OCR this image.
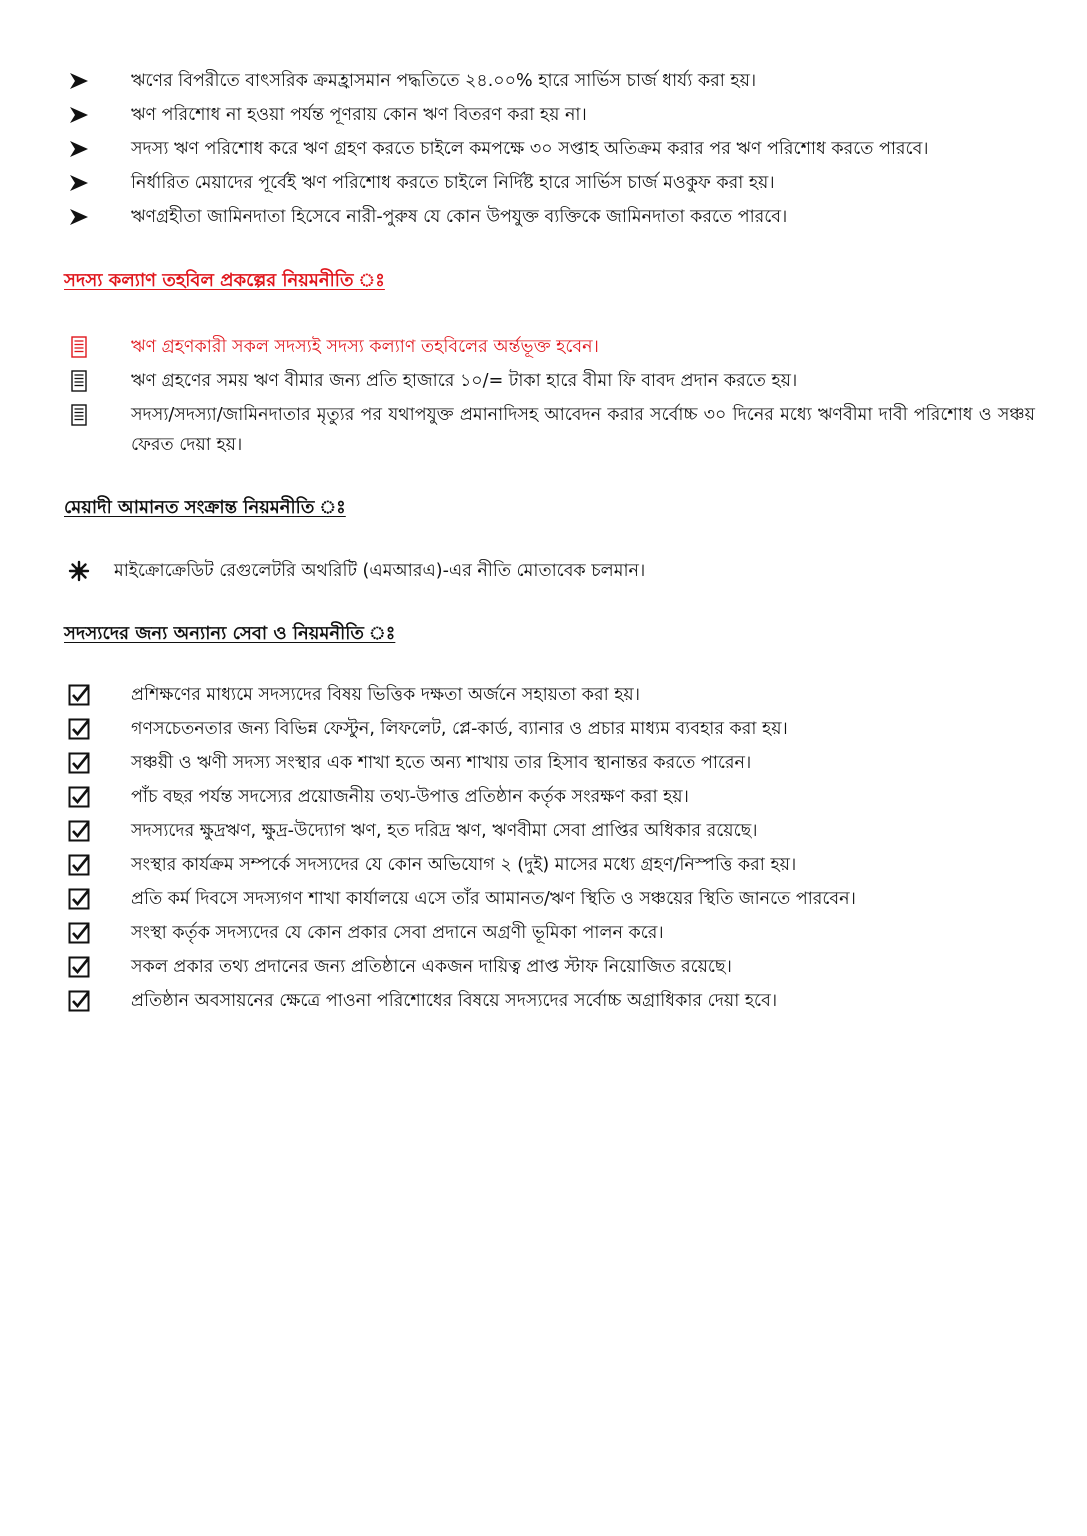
ঋণের বিপরীতে বাৎসরিক ক্রমহ্রাসমান পদ্ধতিতে ২৪.০০% হারে সার্ভিস চার্জ ধার্য্য করা হয়।
ঋণ পরিশোধ না হওয়া পর্যন্ত পূণরায় কোন ঋণ বিতরণ করা হয় না।
সদস্য ঋণ পরিশোধ করে ঋণ গ্রহণ করতে চাইলে কমপক্ষে ৩০ সপ্তাহ অতিক্রম করার পর ঋণ পরিশোধ করতে পারবে।
নির্ধারিত মেয়াদের পূর্বেই ঋণ পরিশোধ করতে চাইলে নির্দিষ্ট হারে সার্ভিস চার্জ মওকুফ করা হয়।
ঋণগ্রহীতা জামিনদাতা হিসেবে নারী-পুরুষ যে কোন উপযুক্ত ব্যক্তিকে জামিনদাতা করতে পারবে।
সদস্য কল্যাণ তহবিল প্রকল্পের নিয়মনীতি ঃ
ঋণ গ্রহণকারী সকল সদস্যই সদস্য কল্যাণ তহবিলের অর্ন্তভূক্ত হবেন।
ঋণ গ্রহণের সময় ঋণ বীমার জন্য প্রতি হাজারে ১০/= টাকা হারে বীমা ফি বাবদ প্রদান করতে হয়।
সদস্য/সদস্যা/জামিনদাতার মৃত্যুর পর যথাপযুক্ত প্রমানাদিসহ আবেদন করার সর্বোচ্চ ৩০ দিনের মধ্যে ঋণবীমা দাবী পরিশোধ ও সঞ্চয় ফেরত দেয়া হয়।
মেয়াদী আমানত সংক্রান্ত নিয়মনীতি ঃ
মাইক্রোক্রেডিট রেগুলেটরি অথরিটি (এমআরএ)-এর নীতি মোতাবেক চলমান।
সদস্যদের জন্য অন্যান্য সেবা ও নিয়মনীতি ঃ
প্রশিক্ষণের মাধ্যমে সদস্যদের বিষয় ভিত্তিক দক্ষতা অর্জনে সহায়তা করা হয়।
গণসচেতনতার জন্য বিভিন্ন ফেস্টুন, লিফলেট, প্লে-কার্ড, ব্যানার ও প্রচার মাধ্যম ব্যবহার করা হয়।
সঞ্চয়ী ও ঋণী সদস্য সংস্থার এক শাখা হতে অন্য শাখায় তার হিসাব স্থানান্তর করতে পারেন।
পাঁচ বছর পর্যন্ত সদস্যের প্রয়োজনীয় তথ্য-উপাত্ত প্রতিষ্ঠান কর্তৃক সংরক্ষণ করা হয়।
সদস্যদের ক্ষুদ্রঋণ, ক্ষুদ্র-উদ্যোগ ঋণ, হত দরিদ্র ঋণ, ঋণবীমা সেবা প্রাপ্তির অধিকার রয়েছে।
সংস্থার কার্যক্রম সম্পর্কে সদস্যদের যে কোন অভিযোগ ২ (দুই) মাসের মধ্যে গ্রহণ/নিস্পত্তি করা হয়।
প্রতি কর্ম দিবসে সদস্যগণ শাখা কার্যালয়ে এসে তাঁর আমানত/ঋণ স্থিতি ও সঞ্চয়ের স্থিতি জানতে পারবেন।
সংস্থা কর্তৃক সদস্যদের যে কোন প্রকার সেবা প্রদানে অগ্রণী ভূমিকা পালন করে।
সকল প্রকার তথ্য প্রদানের জন্য প্রতিষ্ঠানে একজন দায়িত্ব প্রাপ্ত স্টাফ নিয়োজিত রয়েছে।
প্রতিষ্ঠান অবসায়নের ক্ষেত্রে পাওনা পরিশোধের বিষয়ে সদস্যদের সর্বোচ্চ অগ্রাধিকার দেয়া হবে।
